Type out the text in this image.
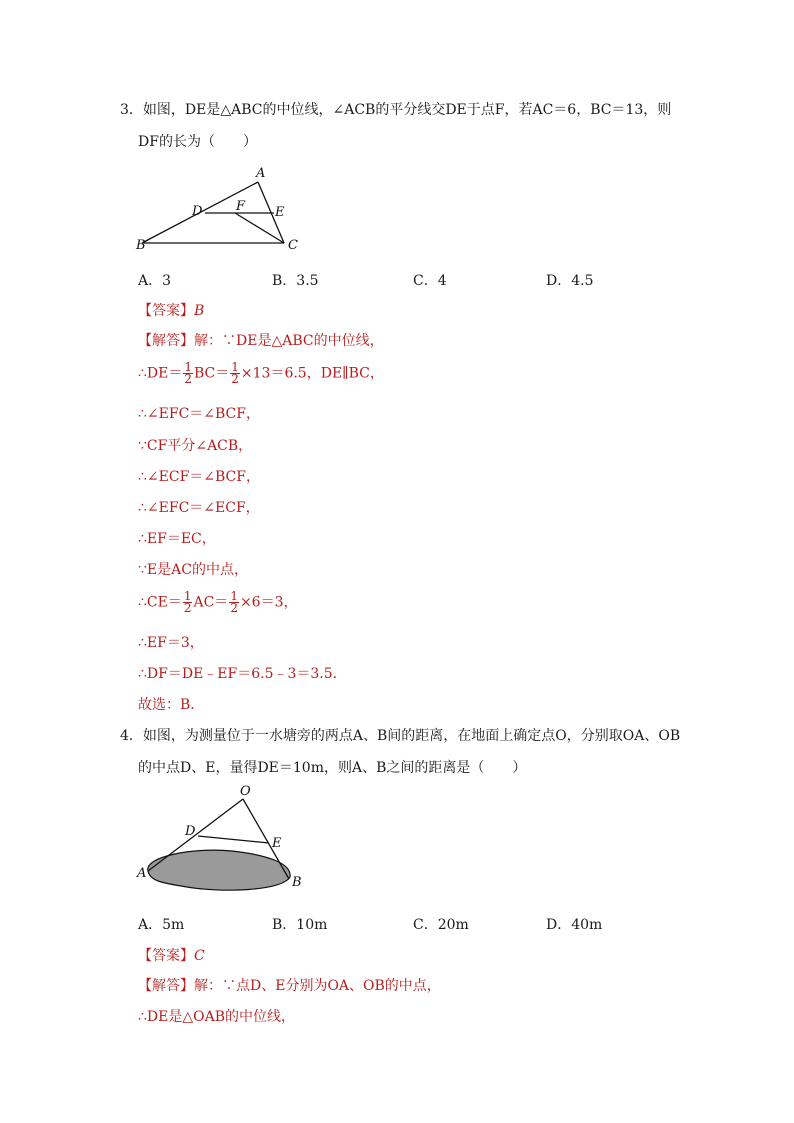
3．如图，DE是△ABC的中位线，∠ACB的平分线交DE于点F，若AC＝6，BC＝13，则
DF的长为（　　）
A
B	C
D	E
F
A．3	B．3.5	C．4	D．4.5
【答案】B
【解答】解：∵DE是△ABC的中位线，
∴DE＝ $\frac{1}{2} BC= \frac{1}{2} \times 13=6.5$，DE∥BC，
∴∠EFC＝∠BCF，
∵CF平分∠ACB，
∴∠ECF＝∠BCF，
∴∠EFC＝∠ECF，
∴EF＝EC，
∵E是AC的中点，
∴CE＝ $\frac{1}{2} AC= \frac{1}{2} \times 6=3$，
∴EF＝3，
∴DF＝DE﹣EF＝6.5﹣3＝3.5．
故选：B．
4．如图，为测量位于一水塘旁的两点A、B间的距离，在地面上确定点O，分别取OA、OB
的中点D、E，量得DE＝10m，则A、B之间的距离是（　　）
O
D
E
A
B
A．5m	B．10m	C．20m	D．40m
【答案】C
【解答】解：∵点D、E分别为OA、OB的中点，
∴DE是△OAB的中位线，
